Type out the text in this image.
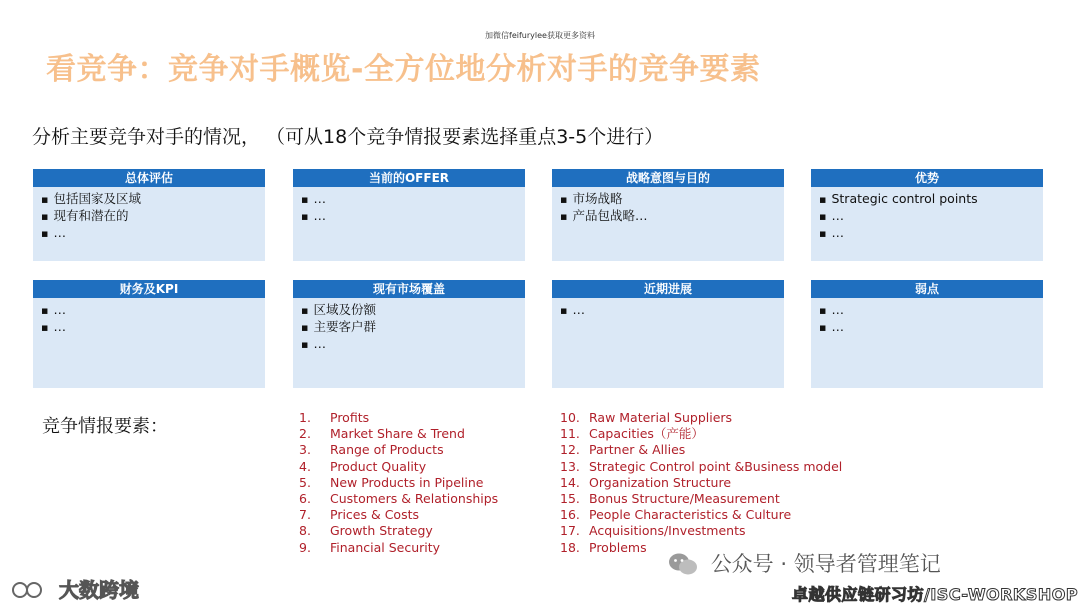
加微信feifurylee获取更多资料
看竞争：竞争对手概览-全方位地分析对手的竞争要素
分析主要竞争对手的情况， （可从18个竞争情报要素选择重点3-5个进行）
总体评估
▪ 包括国家及区域
▪ 现有和潜在的
▪ …
当前的OFFER
▪ …
▪ …
战略意图与目的
▪ 市场战略
▪ 产品包战略…
优势
▪ Strategic control points
▪ …
▪ …
财务及KPI
▪ …
▪ …
现有市场覆盖
▪ 区域及份额
▪ 主要客户群
▪ …
近期进展
▪ …
弱点
▪ …
▪ …
竞争情报要素：	1. Profits
2. Market Share & Trend
3. Range of Products
4. Product Quality
5. New Products in Pipeline
6. Customers & Relationships
7. Prices & Costs
8. Growth Strategy
9. Financial Security
10. Raw Material Suppliers
11. Capacities（产能）
12. Partner & Allies
13. Strategic Control point &Business model
14. Organization Structure
15. Bonus Structure/Measurement
16. People Characteristics & Culture
17. Acquisitions/Investments
18. Problems
公众号 · 领导者管理笔记
大数跨境	卓越供应链研习坊/ISC-WORKSHOP
